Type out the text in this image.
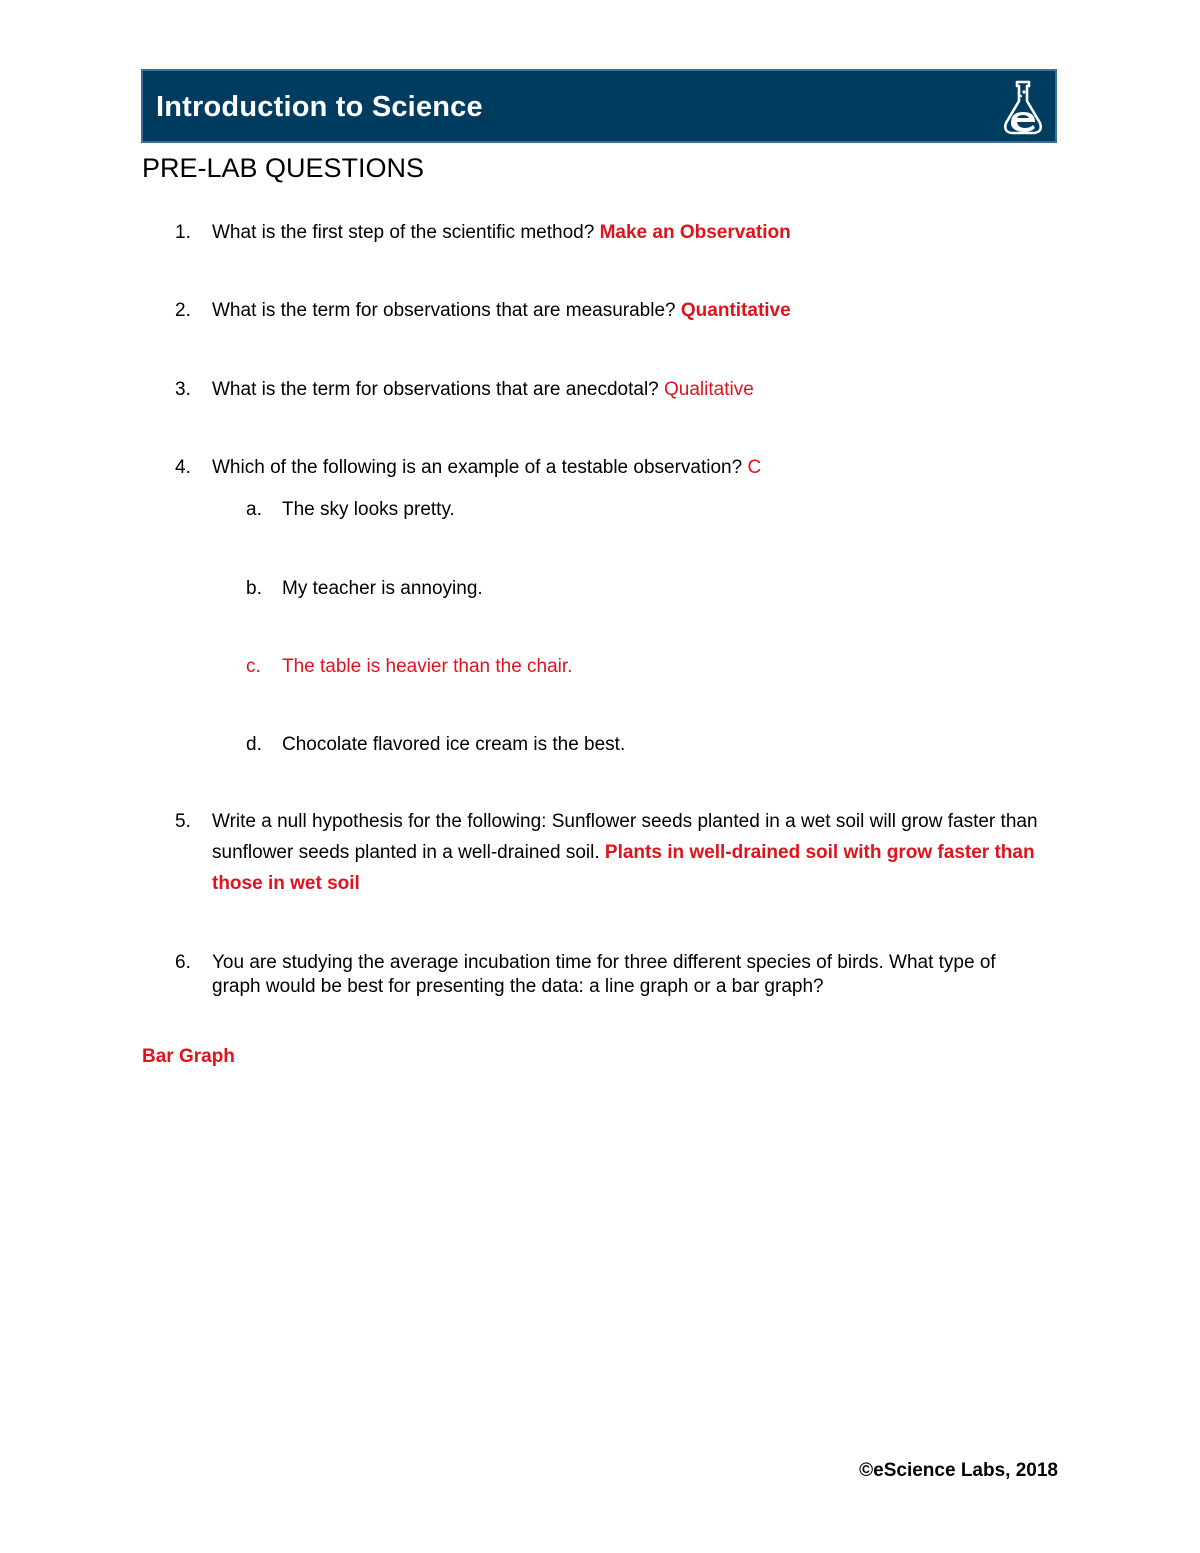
Introduction to Science
PRE-LAB QUESTIONS
1. What is the first step of the scientific method? Make an Observation
2. What is the term for observations that are measurable? Quantitative
3. What is the term for observations that are anecdotal? Qualitative
4. Which of the following is an example of a testable observation? C
a. The sky looks pretty.
b. My teacher is annoying.
c. The table is heavier than the chair.
d. Chocolate flavored ice cream is the best.
5. Write a null hypothesis for the following: Sunflower seeds planted in a wet soil will grow faster than sunflower seeds planted in a well-drained soil. Plants in well-drained soil with grow faster than those in wet soil
6. You are studying the average incubation time for three different species of birds. What type of graph would be best for presenting the data: a line graph or a bar graph?
Bar Graph
©eScience Labs, 2018
